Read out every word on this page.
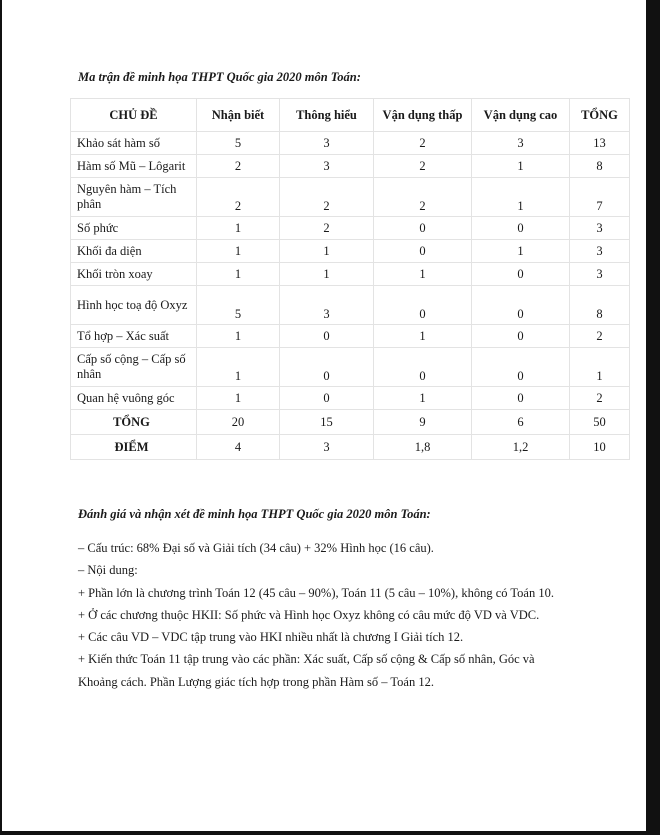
Ma trận đề minh họa THPT Quốc gia 2020 môn Toán:
CHỦ ĐỀ	Nhận biết	Thông hiểu	Vận dụng thấp	Vận dụng cao	TỔNG
Khảo sát hàm số	5	3	2	3	13
Hàm số Mũ – Lôgarit	2	3	2	1	8
Nguyên hàm – Tích phân	2	2	2	1	7
Số phức	1	2	0	0	3
Khối đa diện	1	1	0	1	3
Khối tròn xoay	1	1	1	0	3
Hình học toạ độ Oxyz	5	3	0	0	8
Tổ hợp – Xác suất	1	0	1	0	2
Cấp số cộng – Cấp số nhân	1	0	0	0	1
Quan hệ vuông góc	1	0	1	0	2
TỔNG	20	15	9	6	50
ĐIỂM	4	3	1,8	1,2	10
Đánh giá và nhận xét đề minh họa THPT Quốc gia 2020 môn Toán:
– Cấu trúc: 68% Đại số và Giải tích (34 câu) + 32% Hình học (16 câu).
– Nội dung:
+ Phần lớn là chương trình Toán 12 (45 câu – 90%), Toán 11 (5 câu – 10%), không có Toán 10.
+ Ở các chương thuộc HKII: Số phức và Hình học Oxyz không có câu mức độ VD và VDC.
+ Các câu VD – VDC tập trung vào HKI nhiều nhất là chương I Giải tích 12.
+ Kiến thức Toán 11 tập trung vào các phần: Xác suất, Cấp số cộng & Cấp số nhân, Góc và
Khoảng cách. Phần Lượng giác tích hợp trong phần Hàm số – Toán 12.
